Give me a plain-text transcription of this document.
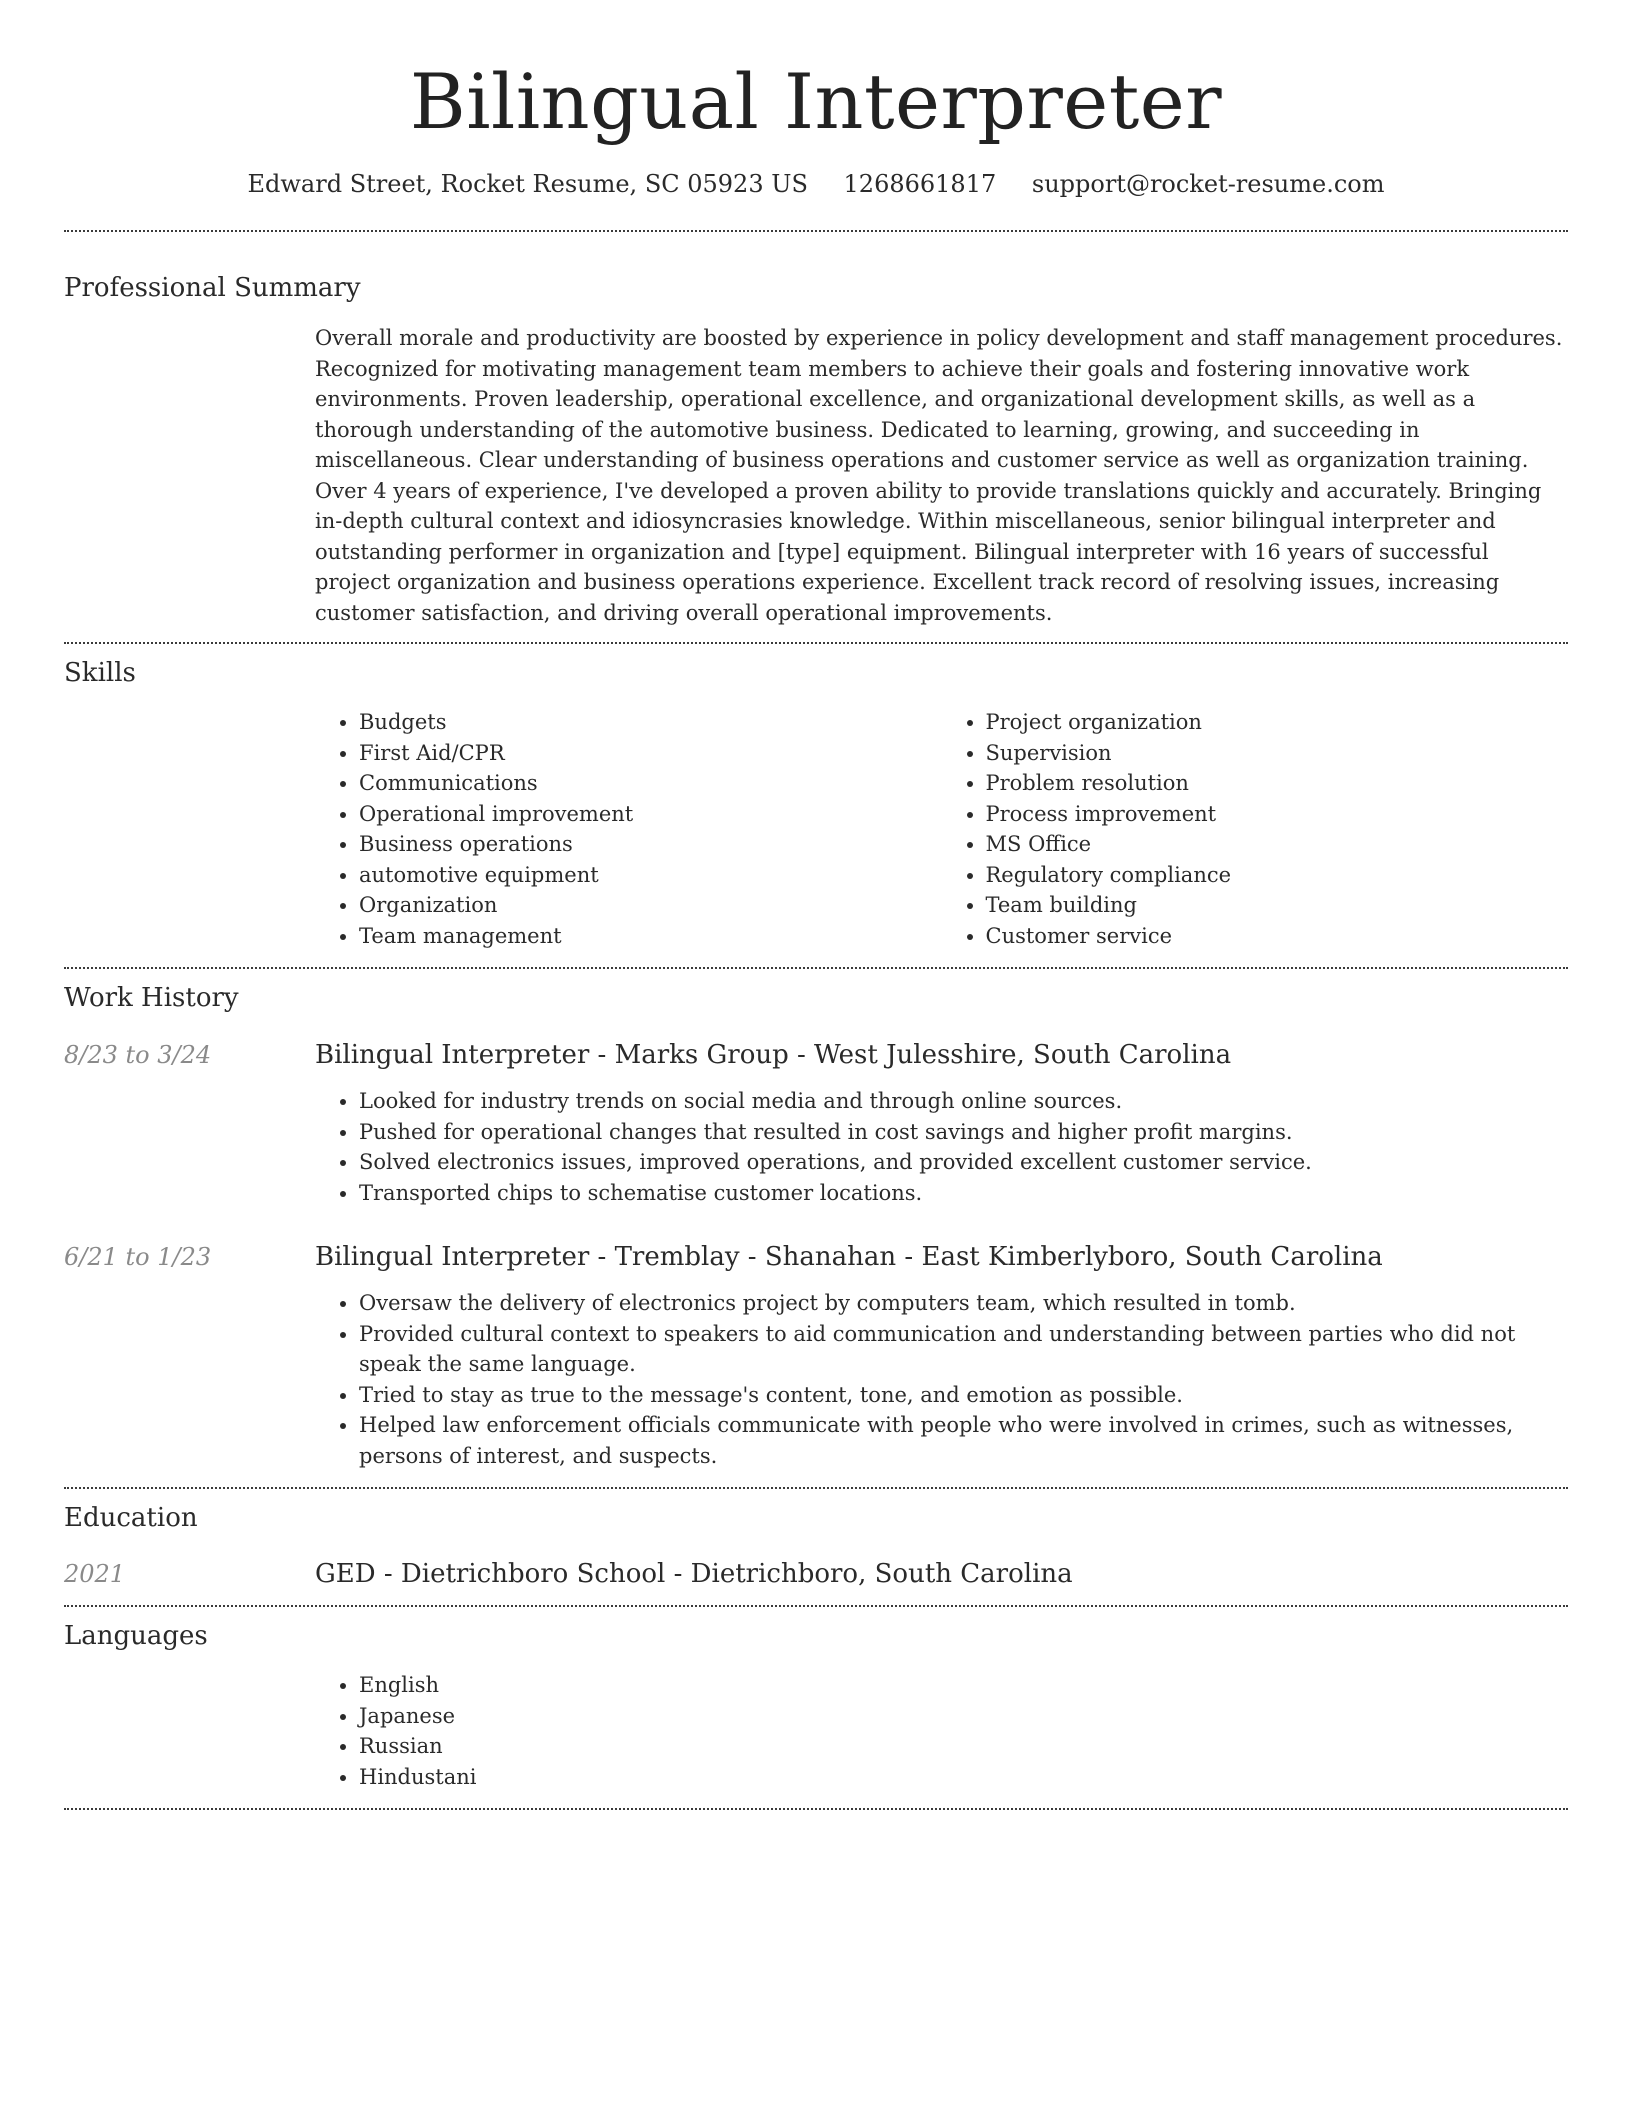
Bilingual Interpreter
Edward Street, Rocket Resume, SC 05923 US 1268661817 support@rocket-resume.com
Professional Summary

Overall morale and productivity are boosted by experience in policy development and staff management procedures. Recognized for motivating management team members to achieve their goals and fostering innovative work environments. Proven leadership, operational excellence, and organizational development skills, as well as a thorough understanding of the automotive business. Dedicated to learning, growing, and succeeding in miscellaneous. Clear understanding of business operations and customer service as well as organization training. Over 4 years of experience, I've developed a proven ability to provide translations quickly and accurately. Bringing in-depth cultural context and idiosyncrasies knowledge. Within miscellaneous, senior bilingual interpreter and outstanding performer in organization and [type] equipment. Bilingual interpreter with 16 years of successful project organization and business operations experience. Excellent track record of resolving issues, increasing customer satisfaction, and driving overall operational improvements.

Skills
• Budgets
• First Aid/CPR
• Communications
• Operational improvement
• Business operations
• automotive equipment
• Organization
• Team management
• Project organization
• Supervision
• Problem resolution
• Process improvement
• MS Office
• Regulatory compliance
• Team building
• Customer service
Work History
8/23 to 3/24	Bilingual Interpreter - Marks Group - West Julesshire, South Carolina
• Looked for industry trends on social media and through online sources.
• Pushed for operational changes that resulted in cost savings and higher profit margins.
• Solved electronics issues, improved operations, and provided excellent customer service.
• Transported chips to schematise customer locations.
6/21 to 1/23	Bilingual Interpreter - Tremblay - Shanahan - East Kimberlyboro, South Carolina
• Oversaw the delivery of electronics project by computers team, which resulted in tomb.
• Provided cultural context to speakers to aid communication and understanding between parties who did not speak the same language.
• Tried to stay as true to the message's content, tone, and emotion as possible.
• Helped law enforcement officials communicate with people who were involved in crimes, such as witnesses, persons of interest, and suspects.
Education
2021	GED - Dietrichboro School - Dietrichboro, South Carolina
Languages
• English
• Japanese
• Russian
• Hindustani
